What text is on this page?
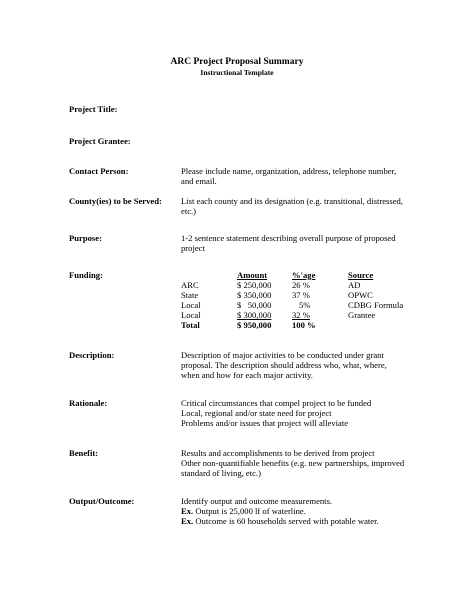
ARC Project Proposal Summary
Instructional Template
Project Title:
Project Grantee:
Contact Person:	Please include name, organization, address, telephone number,
and email.
County(ies) to be Served: List each county and its designation (e.g. transitional, distressed,
etc.)
Purpose:	1-2 sentence statement describing overall purpose of proposed
project
Funding:	Amount	%'age	Source
ARC	$ 250,000 26 %	AD
State	$ 350,000 37 %	OPWC
Local	$   50,000	5%	CDBG Formula
Local	$ 300,000 32 %	Grantee
Total	$ 950,000 100 %
Description:	Description of major activities to be conducted under grant
proposal. The description should address who, what, where,
when and how for each major activity.
Rationale:	Critical circumstances that compel project to be funded
Local, regional and/or state need for project
Problems and/or issues that project will alleviate
Benefit:	Results and accomplishments to be derived from project
Other non-quantifiable benefits (e.g. new partnerships, improved
standard of living, etc.)
Output/Outcome:	Identify output and outcome measurements.
Ex. Output is 25,000 lf of waterline.
Ex. Outcome is 60 households served with potable water.
